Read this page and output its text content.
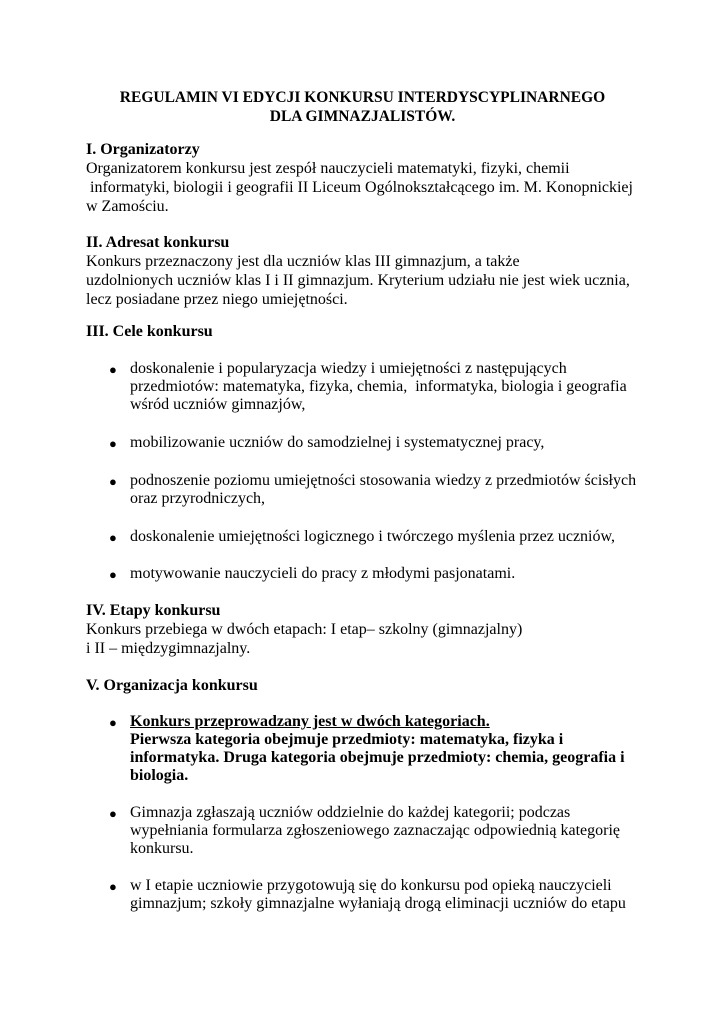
REGULAMIN VI EDYCJI KONKURSU INTERDYSCYPLINARNEGO
DLA GIMNAZJALISTÓW.
I. Organizatorzy
Organizatorem konkursu jest zespół nauczycieli matematyki, fizyki, chemii
informatyki, biologii i geografii II Liceum Ogólnokształcącego im. M. Konopnickiej
w Zamościu.
II. Adresat konkursu
Konkurs przeznaczony jest dla uczniów klas III gimnazjum, a także
uzdolnionych uczniów klas I i II gimnazjum. Kryterium udziału nie jest wiek ucznia,
lecz posiadane przez niego umiejętności.
III. Cele konkursu
● doskonalenie i popularyzacja wiedzy i umiejętności z następujących
przedmiotów: matematyka, fizyka, chemia,  informatyka, biologia i geografia
wśród uczniów gimnazjów,
● mobilizowanie uczniów do samodzielnej i systematycznej pracy,
● podnoszenie poziomu umiejętności stosowania wiedzy z przedmiotów ścisłych
oraz przyrodniczych,
● doskonalenie umiejętności logicznego i twórczego myślenia przez uczniów,
● motywowanie nauczycieli do pracy z młodymi pasjonatami.
IV. Etapy konkursu
Konkurs przebiega w dwóch etapach: I etap– szkolny (gimnazjalny)
i II – międzygimnazjalny.
V. Organizacja konkursu
● Konkurs przeprowadzany jest w dwóch kategoriach.
Pierwsza kategoria obejmuje przedmioty: matematyka, fizyka i
informatyka. Druga kategoria obejmuje przedmioty: chemia, geografia i
biologia.
● Gimnazja zgłaszają uczniów oddzielnie do każdej kategorii; podczas
wypełniania formularza zgłoszeniowego zaznaczając odpowiednią kategorię
konkursu.
● w I etapie uczniowie przygotowują się do konkursu pod opieką nauczycieli
gimnazjum; szkoły gimnazjalne wyłaniają drogą eliminacji uczniów do etapu
